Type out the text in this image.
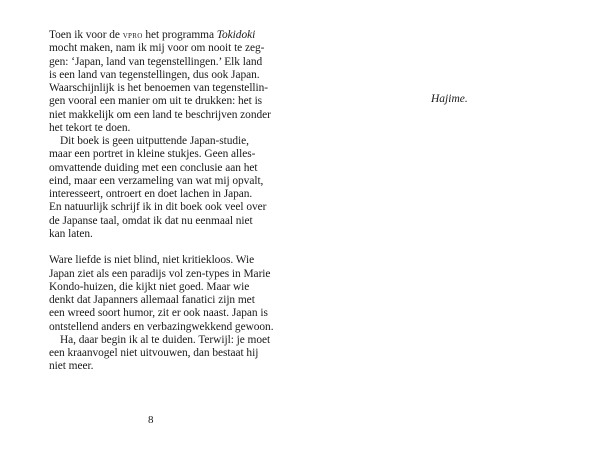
Toen ik voor de vpro het programma Tokidoki
mocht maken, nam ik mij voor om nooit te zeg-
gen: ‘Japan, land van tegenstellingen.’ Elk land
is een land van tegenstellingen, dus ook Japan.
Waarschijnlijk is het benoemen van tegenstellin-
gen vooral een manier om uit te drukken: het is
niet makkelijk om een land te beschrijven zonder
het tekort te doen.
Dit boek is geen uitputtende Japan-studie,
maar een portret in kleine stukjes. Geen alles-
omvattende duiding met een conclusie aan het
eind, maar een verzameling van wat mij opvalt,
interesseert, ontroert en doet lachen in Japan.
En natuurlijk schrijf ik in dit boek ook veel over
de Japanse taal, omdat ik dat nu eenmaal niet
kan laten.
Ware liefde is niet blind, niet kritiekloos. Wie
Japan ziet als een paradijs vol zen-types in Marie
Kondo-huizen, die kijkt niet goed. Maar wie
denkt dat Japanners allemaal fanatici zijn met
een wreed soort humor, zit er ook naast. Japan is
ontstellend anders en verbazingwekkend gewoon.
Ha, daar begin ik al te duiden. Terwijl: je moet
een kraanvogel niet uitvouwen, dan bestaat hij
niet meer.
8
Hajime.
